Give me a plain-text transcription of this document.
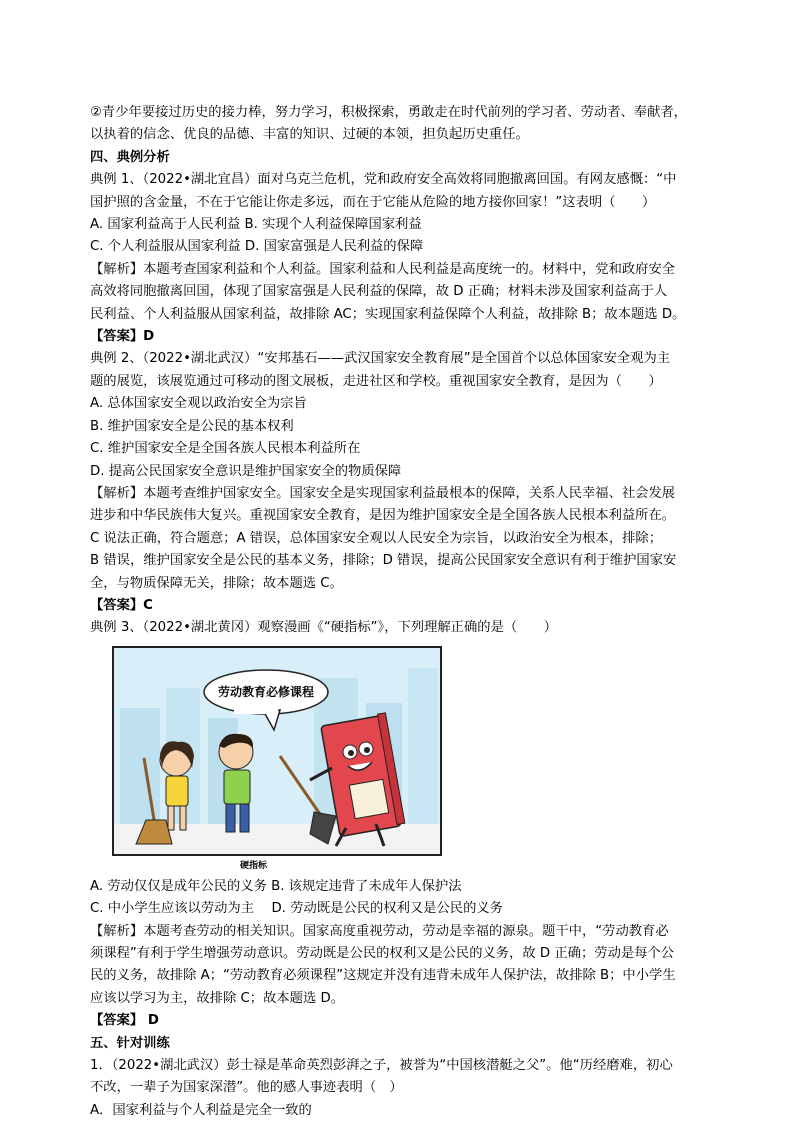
②青少年要接过历史的接力棒，努力学习，积极探索，勇敢走在时代前列的学习者、劳动者、奉献者，

以执着的信念、优良的品德、丰富的知识、过硬的本领，担负起历史重任。

四、典例分析

典例 1、（2022•湖北宜昌）面对乌克兰危机，党和政府安全高效将同胞撤离回国。有网友感慨：“中

国护照的含金量，不在于它能让你走多远，而在于它能从危险的地方接你回家！”这表明（　　）

A. 国家利益高于人民利益 B. 实现个人利益保障国家利益

C. 个人利益服从国家利益 D. 国家富强是人民利益的保障

【解析】本题考查国家利益和个人利益。国家利益和人民利益是高度统一的。材料中，党和政府安全

高效将同胞撤离回国，体现了国家富强是人民利益的保障，故 D 正确；材料未涉及国家利益高于人

民利益、个人利益服从国家利益，故排除 AC；实现国家利益保障个人利益，故排除 B；故本题选 D。

【答案】D

典例 2、（2022•湖北武汉）“安邦基石——武汉国家安全教育展”是全国首个以总体国家安全观为主

题的展览，该展览通过可移动的图文展板，走进社区和学校。重视国家安全教育，是因为（　　）

A. 总体国家安全观以政治安全为宗旨

B. 维护国家安全是公民的基本权利

C. 维护国家安全是全国各族人民根本利益所在

D. 提高公民国家安全意识是维护国家安全的物质保障

【解析】本题考查维护国家安全。国家安全是实现国家利益最根本的保障，关系人民幸福、社会发展

进步和中华民族伟大复兴。重视国家安全教育，是因为维护国家安全是全国各族人民根本利益所在。

C 说法正确，符合题意；A 错误，总体国家安全观以人民安全为宗旨，以政治安全为根本，排除；

B 错误，维护国家安全是公民的基本义务，排除；D 错误，提高公民国家安全意识有利于维护国家安

全，与物质保障无关，排除；故本题选 C。

【答案】C

典例 3、（2022•湖北黄冈）观察漫画《“硬指标”》，下列理解正确的是（　　）

劳动教育必修课程
硬指标

A. 劳动仅仅是成年公民的义务 B. 该规定违背了未成年人保护法

C. 中小学生应该以劳动为主　 D. 劳动既是公民的权利又是公民的义务

【解析】本题考查劳动的相关知识。国家高度重视劳动，劳动是幸福的源泉。题干中，“劳动教育必

须课程”有利于学生增强劳动意识。劳动既是公民的权利又是公民的义务，故 D 正确；劳动是每个公

民的义务，故排除 A；“劳动教育必须课程”这规定并没有违背未成年人保护法，故排除 B；中小学生

应该以学习为主，故排除 C；故本题选 D。

【答案】 D

五、针对训练

1．（2022•湖北武汉）彭士禄是革命英烈彭湃之子，被誉为“中国核潜艇之父”。他“历经磨难，初心

不改，一辈子为国家深潜”。他的感人事迹表明（　）

A．国家利益与个人利益是完全一致的
